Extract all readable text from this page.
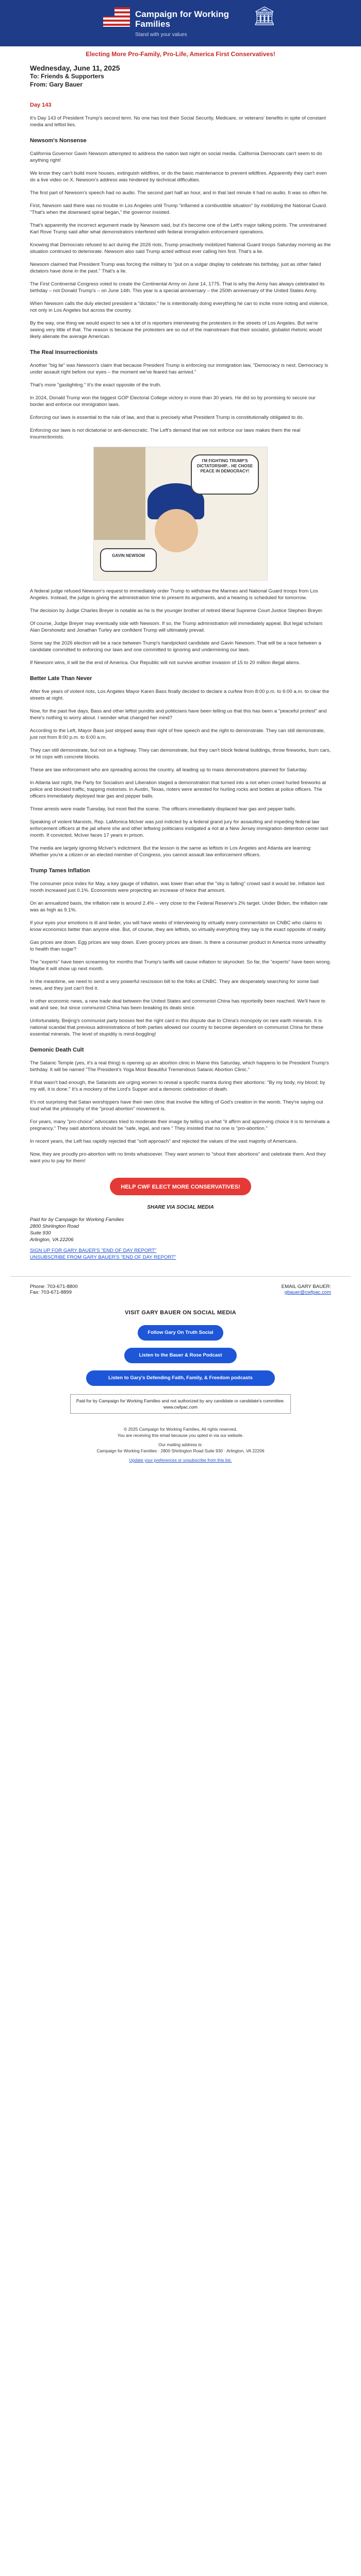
Campaign for Working Families
Stand with your values
🏛
Electing More Pro-Family, Pro-Life, America First Conservatives!
Wednesday, June 11, 2025
To: Friends & Supporters
From: Gary Bauer
Day 143

It's Day 143 of President Trump's second term. No one has lost their Social Security, Medicare, or veterans' benefits in spite of constant media and leftist lies.

Newsom's Nonsense

California Governor Gavin Newsom attempted to address the nation last night on social media. California Democrats can't seem to do anything right!

We know they can't build more houses, extinguish wildfires, or do the basic maintenance to prevent wildfires. Apparently they can't even do a live video on X. Newsom's address was hindered by technical difficulties.

The first part of Newsom's speech had no audio. The second part half an hour, and in that last minute it had no audio. It was so often he.

First, Newsom said there was no trouble in Los Angeles until Trump "inflamed a combustible situation" by mobilizing the National Guard. "That's when the downward spiral began," the governor insisted.

That's apparently the incorrect argument made by Newsom said, but it's become one of the Left's major talking points. The unrestrained Karl Rove Trump said after what demonstrators interfered with federal immigration enforcement operations.

Knowing that Democrats refused to act during the 2026 riots, Trump proactively mobilized National Guard troops Saturday morning as the situation continued to deteriorate. Newsom also said Trump acted without ever calling him first. That's a lie.

Newsom claimed that President Trump was forcing the military to "put on a vulgar display to celebrate his birthday, just as other failed dictators have done in the past." That's a lie.

The First Continental Congress voted to create the Continental Army on June 14, 1775. That is why the Army has always celebrated its birthday – not Donald Trump's – on June 14th. This year is a special anniversary – the 250th anniversary of the United States Army.

When Newsom calls the duly elected president a "dictator," he is intentionally doing everything he can to incite more rioting and violence, not only in Los Angeles but across the country.

By the way, one thing we would expect to see a lot of is reporters interviewing the protesters in the streets of Los Angeles. But we're seeing very little of that. The reason is because the protesters are so out of the mainstream that their socialist, globalist rhetoric would likely alienate the average American.

The Real Insurrectionists

Another "big lie" was Newsom's claim that because President Trump is enforcing our immigration law, "Democracy is next. Democracy is under assault right before our eyes – the moment we've feared has arrived."

That's more "gaslighting." It's the exact opposite of the truth.

In 2024, Donald Trump won the biggest GOP Electoral College victory in more than 30 years. He did so by promising to secure our border and enforce our immigration laws.

Enforcing our laws is essential to the rule of law, and that is precisely what President Trump is constitutionally obligated to do.

Enforcing our laws is not dictatorial or anti-democratic. The Left's demand that we not enforce our laws makes them the real insurrectionists.

I'M FIGHTING TRUMP'S DICTATORSHIP... HE CHOSE PEACE IN DEMOCRACY!
GAVIN NEWSOM

A federal judge refused Newsom's request to immediately order Trump to withdraw the Marines and National Guard troops from Los Angeles. Instead, the judge is giving the administration time to present its arguments, and a hearing is scheduled for tomorrow.

The decision by Judge Charles Breyer is notable as he is the younger brother of retired liberal Supreme Court Justice Stephen Breyer.

Of course, Judge Breyer may eventually side with Newsom. If so, the Trump administration will immediately appeal. But legal scholars Alan Dershowitz and Jonathan Turley are confident Trump will ultimately prevail.

Some say the 2026 election will be a race between Trump's handpicked candidate and Gavin Newsom. That will be a race between a candidate committed to enforcing our laws and one committed to ignoring and undermining our laws.

If Newsom wins, it will be the end of America. Our Republic will not survive another invasion of 15 to 20 million illegal aliens.

Better Late Than Never

After five years of violent riots, Los Angeles Mayor Karen Bass finally decided to declare a curfew from 8:00 p.m. to 6:00 a.m. to clear the streets at night.

Now, for the past five days, Bass and other leftist pundits and politicians have been telling us that this has been a "peaceful protest" and there's nothing to worry about. I wonder what changed her mind?

According to the Left, Mayor Bass just stripped away their right of free speech and the right to demonstrate. They can still demonstrate, just not from 8:00 p.m. to 6:00 a.m.

They can still demonstrate, but not on a highway. They can demonstrate, but they can't block federal buildings, throw fireworks, burn cars, or hit cops with concrete blocks.

These are law enforcement who are spreading across the country, all leading up to mass demonstrations planned for Saturday.

In Atlanta last night, the Party for Socialism and Liberation staged a demonstration that turned into a riot when crowd hurled fireworks at police and blocked traffic, trapping motorists. In Austin, Texas, rioters were arrested for hurling rocks and bottles at police officers. The officers immediately deployed tear gas and pepper balls.

Three arrests were made Tuesday, but most fled the scene. The officers immediately displaced tear gas and pepper balls.

Speaking of violent Marxists, Rep. LaMonica McIver was just indicted by a federal grand jury for assaulting and impeding federal law enforcement officers at the jail where she and other leftwing politicians instigated a riot at a New Jersey immigration detention center last month. If convicted, McIver faces 17 years in prison.

The media are largely ignoring McIver's indictment. But the lesson is the same as leftists in Los Angeles and Atlanta are learning: Whether you're a citizen or an elected member of Congress, you cannot assault law enforcement officers.

Trump Tames Inflation

The consumer price index for May, a key gauge of inflation, was lower than what the "sky is falling" crowd said it would be. Inflation last month increased just 0.1%. Economists were projecting an increase of twice that amount.

On an annualized basis, the inflation rate is around 2.4% – very close to the Federal Reserve's 2% target. Under Biden, the inflation rate was as high as 9.1%.

If your eyes your emotions is ill and lieder, you will have weeks of interviewing by virtually every commentator on CNBC who claims to know economics better than anyone else. But, of course, they are leftists, so virtually everything they say is the exact opposite of reality.

Gas prices are down. Egg prices are way down. Even grocery prices are down. Is there a consumer product in America more unhealthy to health than sugar?

The "experts" have been screaming for months that Trump's tariffs will cause inflation to skyrocket. So far, the "experts" have been wrong. Maybe it will show up next month.

In the meantime, we need to send a very powerful rescission bill to the folks at CNBC. They are desperately searching for some bad news, and they just can't find it.

In other economic news, a new trade deal between the United States and communist China has reportedly been reached. We'll have to wait and see, but since communist China has been breaking its deals since.

Unfortunately, Beijing's communist party bosses feel the right card in this dispute due to China's monopoly on rare earth minerals. It is national scandal that previous administrations of both parties allowed our country to become dependent on communist China for these essential minerals. The level of stupidity is mind-boggling!

Demonic Death Cult

The Satanic Temple (yes, it's a real thing) is opening up an abortion clinic in Maine this Saturday, which happens to be President Trump's birthday. It will be named "The President's Yoga Most Beautiful Tremendous Satanic Abortion Clinic."

If that wasn't bad enough, the Satanists are urging women to reveal a specific mantra during their abortions: "By my body, my blood; by my will, it is done." It's a mockery of the Lord's Supper and a demonic celebration of death.

It's not surprising that Satan worshippers have their own clinic that involve the killing of God's creation in the womb. They're saying out loud what the philosophy of the "proud abortion" movement is.

For years, many "pro-choice" advocates tried to moderate their image by telling us what "it affirm and approving choice it is to terminate a pregnancy." They said abortions should be "safe, legal, and rare." They insisted that no one is "pro-abortion."

In recent years, the Left has rapidly rejected that "soft approach" and rejected the values of the vast majority of Americans.

Now, they are proudly pro-abortion with no limits whatsoever. They want women to "shout their abortions" and celebrate them. And they want you to pay for them!

HELP CWF ELECT MORE CONSERVATIVES!
SHARE VIA SOCIAL MEDIA
Paid for by Campaign for Working Families
2800 Shirlington Road
Suite 930
Arlington, VA 22206
SIGN UP FOR GARY BAUER'S "END OF DAY REPORT"
UNSUBSCRIBE FROM GARY BAUER'S "END OF DAY REPORT"
Phone: 703-671-8800
Fax: 703-671-8899
EMAIL GARY BAUER:
gbauer@cwfpac.com
VISIT GARY BAUER ON SOCIAL MEDIA
Follow Gary On Truth Social
Listen to the Bauer & Rose Podcast
Listen to Gary's Defending Faith, Family, & Freedom podcasts
Paid for by Campaign for Working Families and not authorized by any candidate or candidate's committee. www.cwfpac.com
© 2025 Campaign for Working Families, All rights reserved.
You are receiving this email because you opted in via our website.
Our mailing address is:
Campaign for Working Families · 2800 Shirlington Road Suite 930 · Arlington, VA 22206
Update your preferences or unsubscribe from this list.
